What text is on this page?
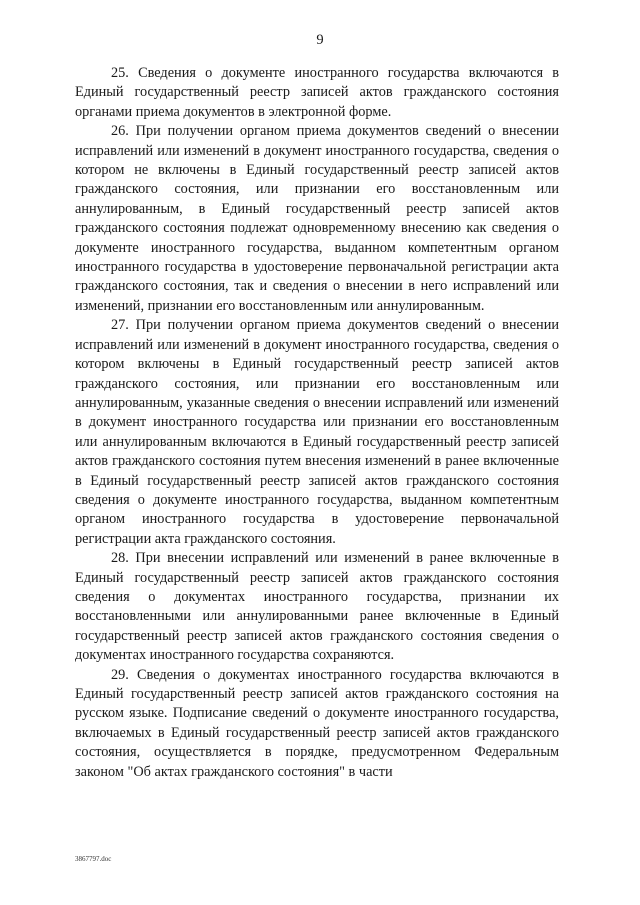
9

25. Сведения о документе иностранного государства включаются в Единый государственный реестр записей актов гражданского состояния органами приема документов в электронной форме.

26. При получении органом приема документов сведений о внесении исправлений или изменений в документ иностранного государства, сведения о котором не включены в Единый государственный реестр записей актов гражданского состояния, или признании его восстановленным или аннулированным, в Единый государственный реестр записей актов гражданского состояния подлежат одновременному внесению как сведения о документе иностранного государства, выданном компетентным органом иностранного государства в удостоверение первоначальной регистрации акта гражданского состояния, так и сведения о внесении в него исправлений или изменений, признании его восстановленным или аннулированным.

27. При получении органом приема документов сведений о внесении исправлений или изменений в документ иностранного государства, сведения о котором включены в Единый государственный реестр записей актов гражданского состояния, или признании его восстановленным или аннулированным, указанные сведения о внесении исправлений или изменений в документ иностранного государства или признании его восстановленным или аннулированным включаются в Единый государственный реестр записей актов гражданского состояния путем внесения изменений в ранее включенные в Единый государственный реестр записей актов гражданского состояния сведения о документе иностранного государства, выданном компетентным органом иностранного государства в удостоверение первоначальной регистрации акта гражданского состояния.

28. При внесении исправлений или изменений в ранее включенные в Единый государственный реестр записей актов гражданского состояния сведения о документах иностранного государства, признании их восстановленными или аннулированными ранее включенные в Единый государственный реестр записей актов гражданского состояния сведения о документах иностранного государства сохраняются.

29. Сведения о документах иностранного государства включаются в Единый государственный реестр записей актов гражданского состояния на русском языке. Подписание сведений о документе иностранного государства, включаемых в Единый государственный реестр записей актов гражданского состояния, осуществляется в порядке, предусмотренном Федеральным законом "Об актах гражданского состояния" в части

3867797.doc
